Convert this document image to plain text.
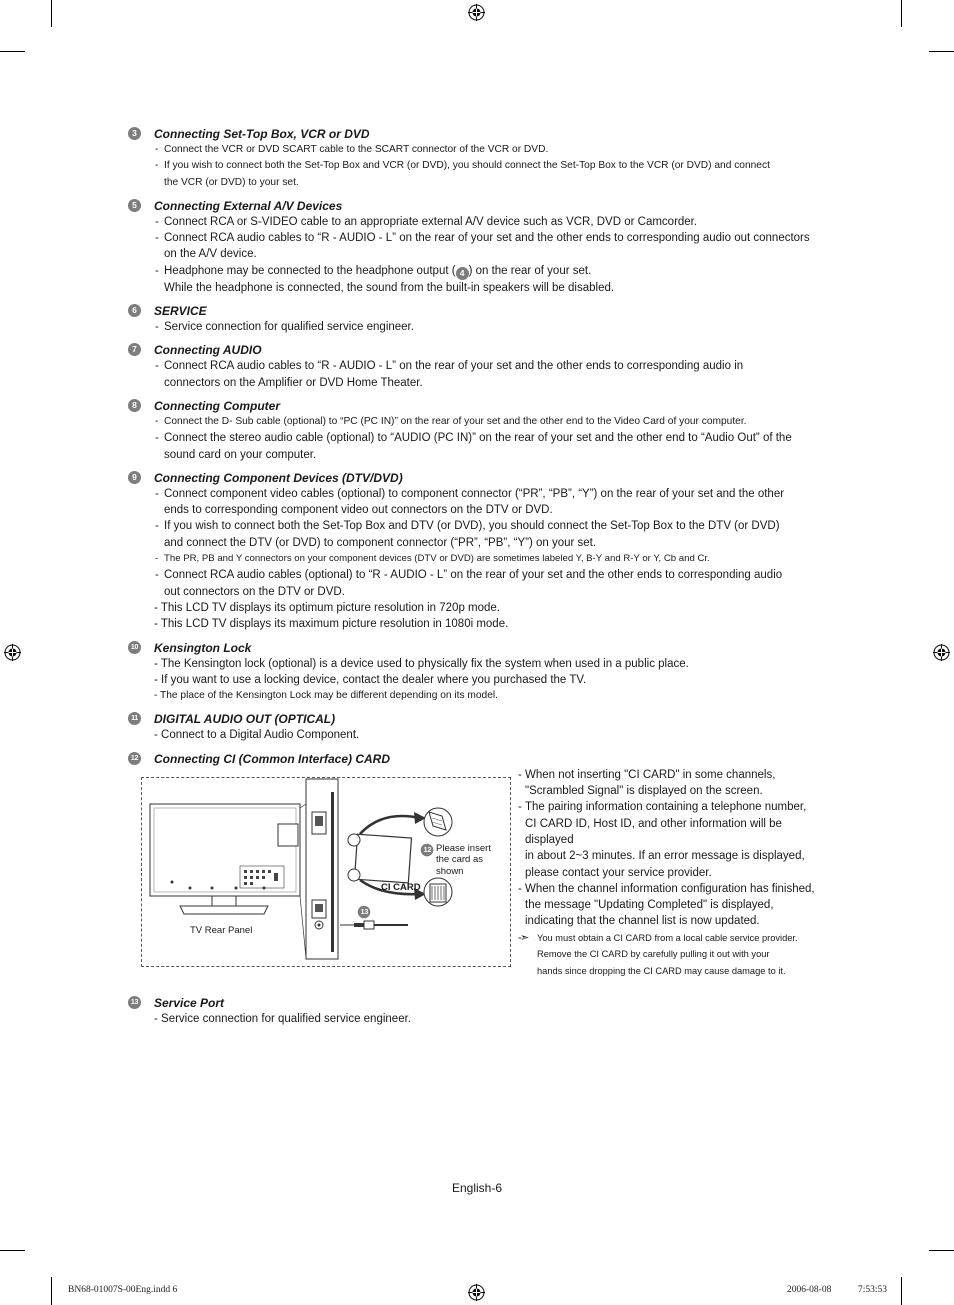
3	Connecting Set-Top Box, VCR or DVD
- Connect the VCR or DVD SCART cable to the SCART connector of the VCR or DVD.
- If you wish to connect both the Set-Top Box and VCR (or DVD), you should connect the Set-Top Box to the VCR (or DVD) and connect
the VCR (or DVD) to your set.
5	Connecting External A/V Devices
- Connect RCA or S-VIDEO cable to an appropriate external A/V device such as VCR, DVD or Camcorder.
- Connect RCA audio cables to “R - AUDIO - L” on the rear of your set and the other ends to corresponding audio out connectors
on the A/V device.
- Headphone may be connected to the headphone output ( 4 ) on the rear of your set.
While the headphone is connected, the sound from the built-in speakers will be disabled.
6	SERVICE
- Service connection for qualified service engineer.
7	Connecting AUDIO
- Connect RCA audio cables to “R - AUDIO - L” on the rear of your set and the other ends to corresponding audio in
connectors on the Amplifier or DVD Home Theater.
8	Connecting Computer
- Connect the D- Sub cable (optional) to “PC (PC IN)” on the rear of your set and the other end to the Video Card of your computer.
- Connect the stereo audio cable (optional) to “AUDIO (PC IN)” on the rear of your set and the other end to “Audio Out” of the
sound card on your computer.
9	Connecting Component Devices (DTV/DVD)
- Connect component video cables (optional) to component connector (“PR”, “PB”, “Y”) on the rear of your set and the other
ends to corresponding component video out connectors on the DTV or DVD.
- If you wish to connect both the Set-Top Box and DTV (or DVD), you should connect the Set-Top Box to the DTV (or DVD)
and connect the DTV (or DVD) to component connector (“PR”, “PB”, “Y”) on your set.
- The PR, PB and Y connectors on your component devices (DTV or DVD) are sometimes labeled Y, B-Y and R-Y or Y, Cb and Cr.
- Connect RCA audio cables (optional) to “R - AUDIO - L” on the rear of your set and the other ends to corresponding audio
out connectors on the DTV or DVD.
- This LCD TV displays its optimum picture resolution in 720p mode.
- This LCD TV displays its maximum picture resolution in 1080i mode.
10 Kensington Lock
- The Kensington lock (optional) is a device used to physically fix the system when used in a public place.
- If you want to use a locking device, contact the dealer where you purchased the TV.
- The place of the Kensington Lock may be different depending on its model.
11 DIGITAL AUDIO OUT (OPTICAL)
- Connect to a Digital Audio Component.
12 Connecting CI (Common Interface) CARD
12
13
Please insert
the card as
shown
CI CARD
TV Rear Panel
- When not inserting "CI CARD" in some channels,
"Scrambled Signal" is displayed on the screen.
- The pairing information containing a telephone number,
CI CARD ID, Host ID, and other information will be
displayed
in about 2~3 minutes. If an error message is displayed,
please contact your service provider.
- When the channel information configuration has finished,
the message "Updating Completed" is displayed,
indicating that the channel list is now updated.
- ➣ You must obtain a CI CARD from a local cable service provider.
Remove the CI CARD by carefully pulling it out with your
hands since dropping the CI CARD may cause damage to it.
13 Service Port
- Service connection for qualified service engineer.
English-6
BN68-01007S-00Eng.indd 6	2006-08-08	7:53:53
